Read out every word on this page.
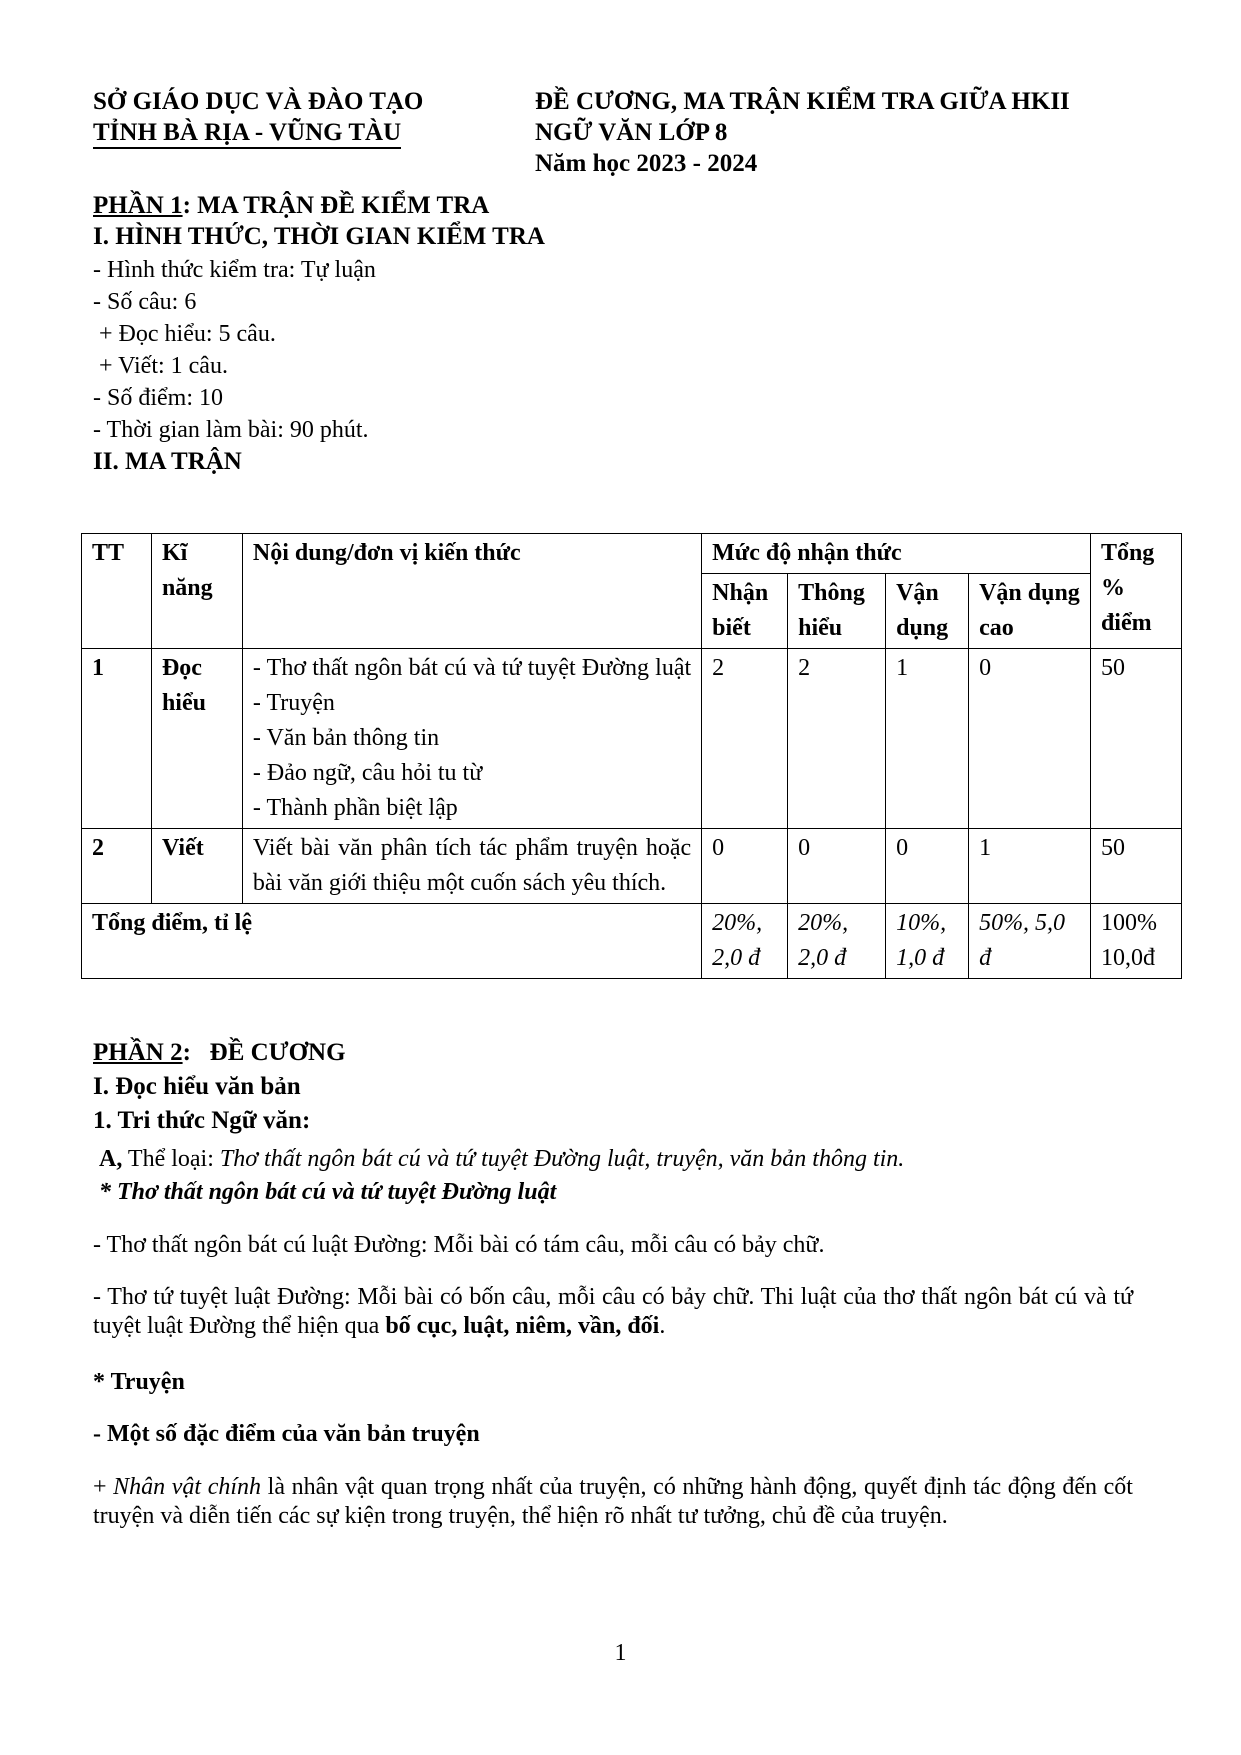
SỞ GIÁO DỤC VÀ ĐÀO TẠO
TỈNH BÀ RỊA - VŨNG TÀU
ĐỀ CƯƠNG, MA TRẬN KIỂM TRA GIỮA HKII
NGỮ VĂN LỚP 8
Năm học 2023 - 2024
PHẦN 1: MA TRẬN ĐỀ KIỂM TRA
I. HÌNH THỨC, THỜI GIAN KIỂM TRA
- Hình thức kiểm tra: Tự luận
- Số câu: 6
+ Đọc hiểu: 5 câu.
+ Viết: 1 câu.
- Số điểm: 10
- Thời gian làm bài: 90 phút.
II. MA TRẬN
TT	Kĩ năng	Nội dung/đơn vị kiến thức	Mức độ nhận thức				Tổng % điểm
			Nhận biết	Thông hiểu	Vận dụng	Vận dụng cao	
1	Đọc hiểu	- Thơ thất ngôn bát cú và tứ tuyệt Đường luật - Truyện
- Văn bản thông tin
- Đảo ngữ, câu hỏi tu từ
- Thành phần biệt lập	2	2	1	0	50
2	Viết	Viết bài văn phân tích tác phẩm truyện hoặc bài văn giới thiệu một cuốn sách yêu thích.	0	0	0	1	50
Tổng điểm, tỉ lệ			20%, 2,0 đ	20%, 2,0 đ	10%, 1,0 đ	50%, 5,0 đ	100%
10,0đ
PHẦN 2:   ĐỀ CƯƠNG
I. Đọc hiểu văn bản
1. Tri thức Ngữ văn:
A, Thể loại: Thơ thất ngôn bát cú và tứ tuyệt Đường luật, truyện, văn bản thông tin.
* Thơ thất ngôn bát cú và tứ tuyệt Đường luật
- Thơ thất ngôn bát cú luật Đường: Mỗi bài có tám câu, mỗi câu có bảy chữ.
- Thơ tứ tuyệt luật Đường: Mỗi bài có bốn câu, mỗi câu có bảy chữ. Thi luật của thơ thất ngôn bát cú và tứ tuyệt luật Đường thể hiện qua bố cục, luật, niêm, vần, đối.
* Truyện
- Một số đặc điểm của văn bản truyện
+ Nhân vật chính là nhân vật quan trọng nhất của truyện, có những hành động, quyết định tác động đến cốt truyện và diễn tiến các sự kiện trong truyện, thể hiện rõ nhất tư tưởng, chủ đề của truyện.
1
